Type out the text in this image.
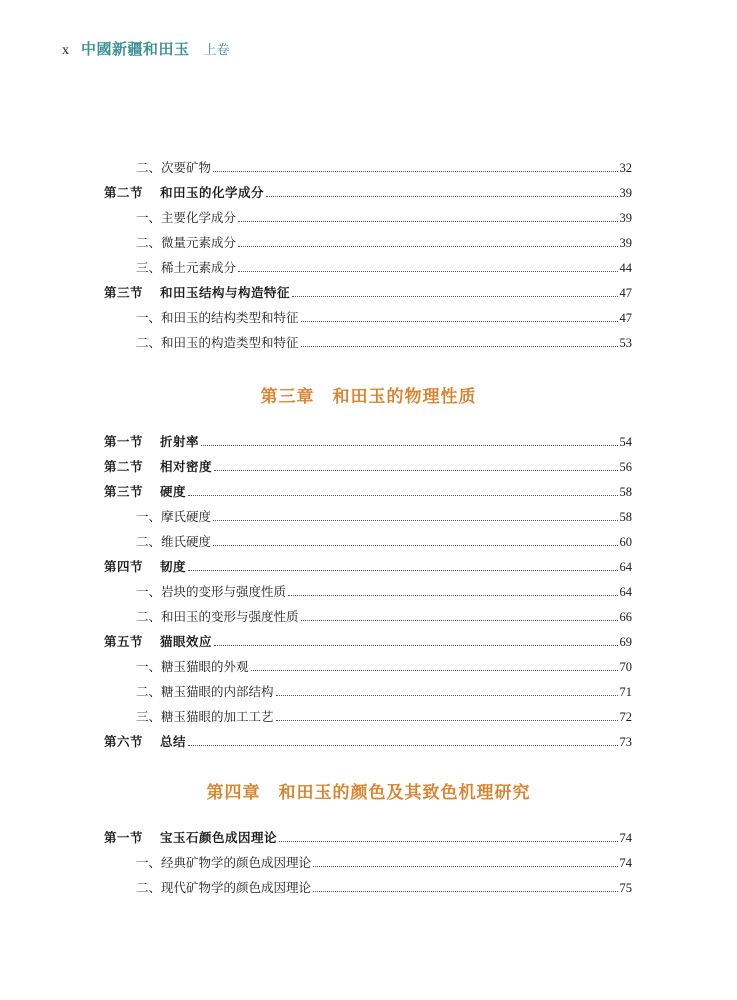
x 中國新疆和田玉 上卷
二、次要矿物	32
第二节 和田玉的化学成分	39
一、主要化学成分	39
二、微量元素成分	39
三、稀土元素成分	44
第三节 和田玉结构与构造特征	47
一、和田玉的结构类型和特征	47
二、和田玉的构造类型和特征	53
第三章　和田玉的物理性质
第一节 折射率	54
第二节 相对密度	56
第三节 硬度	58
一、摩氏硬度	58
二、维氏硬度	60
第四节 韧度	64
一、岩块的变形与强度性质	64
二、和田玉的变形与强度性质	66
第五节 猫眼效应	69
一、糖玉猫眼的外观	70
二、糖玉猫眼的内部结构	71
三、糖玉猫眼的加工工艺	72
第六节 总结	73
第四章　和田玉的颜色及其致色机理研究
第一节 宝玉石颜色成因理论	74
一、经典矿物学的颜色成因理论	74
二、现代矿物学的颜色成因理论	75
